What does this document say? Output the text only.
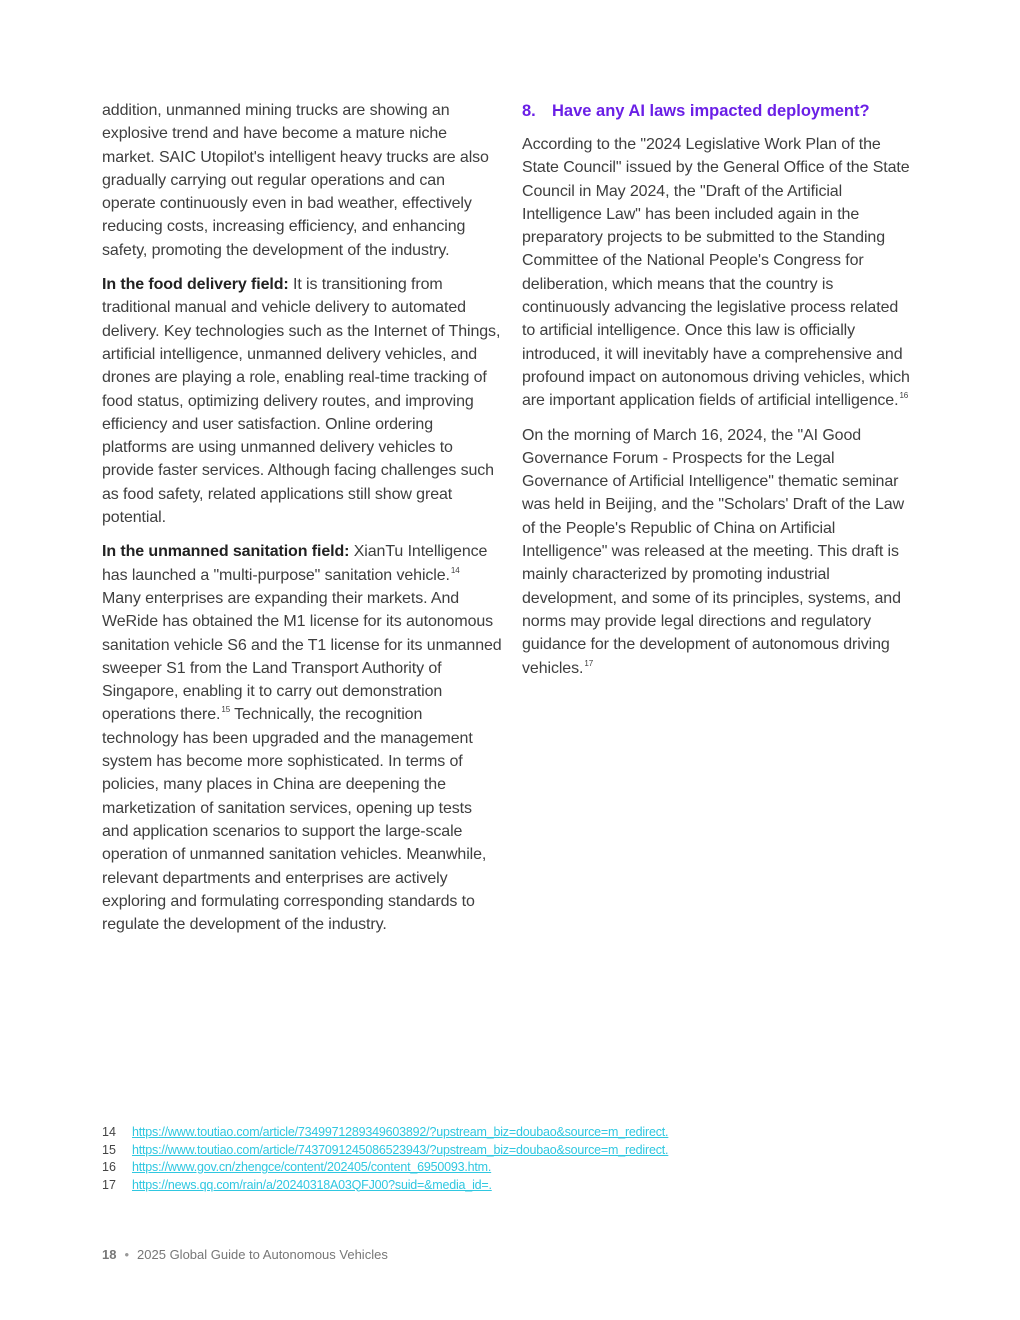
addition, unmanned mining trucks are showing an explosive trend and have become a mature niche market. SAIC Utopilot's intelligent heavy trucks are also gradually carrying out regular operations and can operate continuously even in bad weather, effectively reducing costs, increasing efficiency, and enhancing safety, promoting the development of the industry.

In the food delivery field: It is transitioning from traditional manual and vehicle delivery to automated delivery. Key technologies such as the Internet of Things, artificial intelligence, unmanned delivery vehicles, and drones are playing a role, enabling real-time tracking of food status, optimizing delivery routes, and improving efficiency and user satisfaction. Online ordering platforms are using unmanned delivery vehicles to provide faster services. Although facing challenges such as food safety, related applications still show great potential.

In the unmanned sanitation field: XianTu Intelligence has launched a "multi-purpose" sanitation vehicle.$^{14}$ Many enterprises are expanding their markets. And WeRide has obtained the M1 license for its autonomous sanitation vehicle S6 and the T1 license for its unmanned sweeper S1 from the Land Transport Authority of Singapore, enabling it to carry out demonstration operations there.$^{15}$ Technically, the recognition technology has been upgraded and the management system has become more sophisticated. In terms of policies, many places in China are deepening the marketization of sanitation services, opening up tests and application scenarios to support the large-scale operation of unmanned sanitation vehicles. Meanwhile, relevant departments and enterprises are actively exploring and formulating corresponding standards to regulate the development of the industry.

8. Have any AI laws impacted deployment?

According to the "2024 Legislative Work Plan of the State Council" issued by the General Office of the State Council in May 2024, the "Draft of the Artificial Intelligence Law" has been included again in the preparatory projects to be submitted to the Standing Committee of the National People's Congress for deliberation, which means that the country is continuously advancing the legislative process related to artificial intelligence. Once this law is officially introduced, it will inevitably have a comprehensive and profound impact on autonomous driving vehicles, which are important application fields of artificial intelligence.$^{16}$

On the morning of March 16, 2024, the "AI Good Governance Forum - Prospects for the Legal Governance of Artificial Intelligence" thematic seminar was held in Beijing, and the "Scholars' Draft of the Law of the People's Republic of China on Artificial Intelligence" was released at the meeting. This draft is mainly characterized by promoting industrial development, and some of its principles, systems, and norms may provide legal directions and regulatory guidance for the development of autonomous driving vehicles.$^{17}$

14	https://www.toutiao.com/article/7349971289349603892/?upstream_biz=doubao&source=m_redirect.
15	https://www.toutiao.com/article/7437091245086523943/?upstream_biz=doubao&source=m_redirect.
16	https://www.gov.cn/zhengce/content/202405/content_6950093.htm.
17	https://news.qq.com/rain/a/20240318A03QFJ00?suid=&media_id=.
18 • 2025 Global Guide to Autonomous Vehicles
